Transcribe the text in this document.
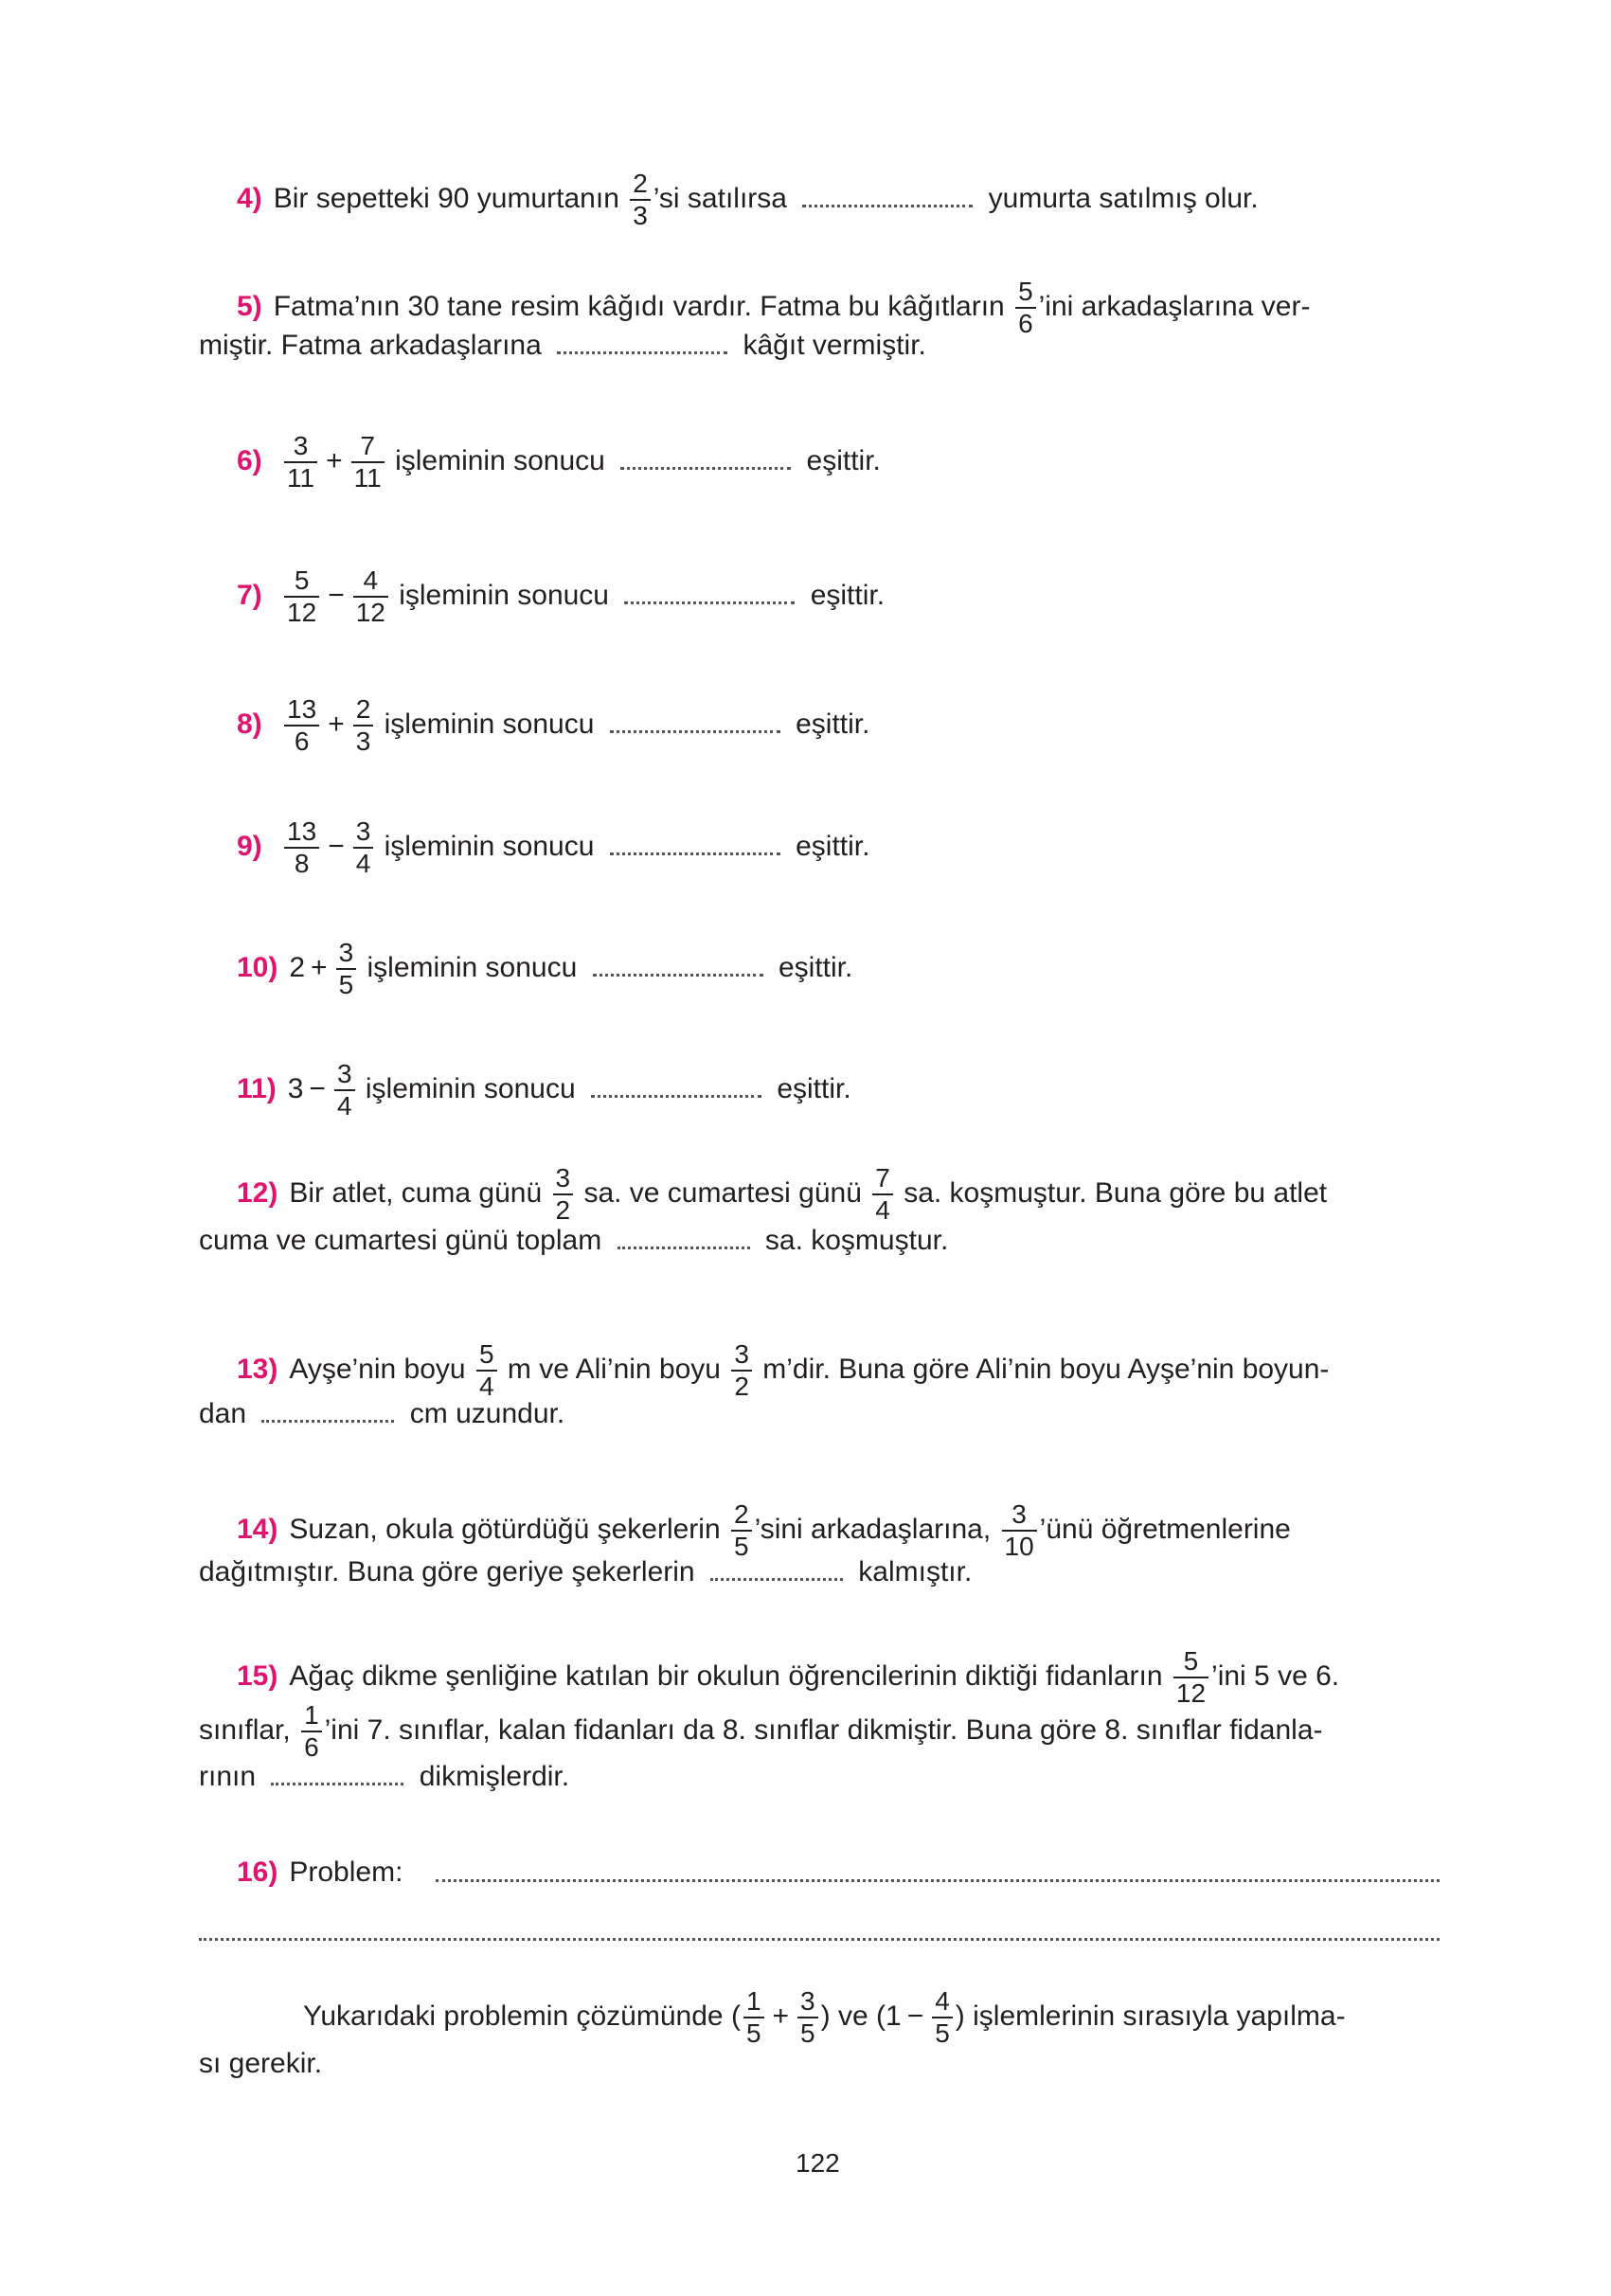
4) Bir sepetteki 90 yumurtanın $\frac{2}{3}$ ’si satılırsa	yumurta satılmış olur.
5) Fatma’nın 30 tane resim kâğıdı vardır. Fatma bu kâğıtların $\frac{5}{6}$ ’ini arkadaşlarına ver-
miştir. Fatma arkadaşlarına	kâğıt vermiştir.
$6) \frac{3}{11} + \frac{7}{11}$ işleminin sonucu	eşittir.
$7) \frac{5}{12} - \frac{4}{12}$ işleminin sonucu	eşittir.
$8) \frac{13}{6} + \frac{2}{3}$ işleminin sonucu	eşittir.
$9) \frac{13}{8} - \frac{3}{4}$ işleminin sonucu	eşittir.
10) $2 + \frac{3}{5}$ işleminin sonucu	eşittir.
11) $3 - \frac{3}{4}$ işleminin sonucu	eşittir.
12) Bir atlet, cuma günü $\frac{3}{2}$ sa. ve cumartesi günü $\frac{7}{4}$ sa. koşmuştur. Buna göre bu atlet
cuma ve cumartesi günü toplam	sa. koşmuştur.
13) Ayşe’nin boyu $\frac{5}{4}$ m ve Ali’nin boyu $\frac{3}{2}$ m’dir. Buna göre Ali’nin boyu Ayşe’nin boyun-
dan	cm uzundur.
14) Suzan, okula götürdüğü şekerlerin $\frac{2}{5}$ ’sini arkadaşlarına, $\frac{3}{10}$ ’ünü öğretmenlerine
dağıtmıştır. Buna göre geriye şekerlerin	kalmıştır.
15) Ağaç dikme şenliğine katılan bir okulun öğrencilerinin diktiği fidanların $\frac{5}{12}$ ’ini 5 ve 6.
sınıflar, $\frac{1}{6}$ ’ini 7. sınıflar, kalan fidanları da 8. sınıflar dikmiştir. Buna göre 8. sınıflar fidanla-
rının	dikmişlerdir.
16) Problem:
Yukarıdaki problemin çözümünde ( $\frac{1}{5} + \frac{3}{5}$ ) ve ($1 - \frac{4}{5}$ ) işlemlerinin sırasıyla yapılma-
sı gerekir.
122
